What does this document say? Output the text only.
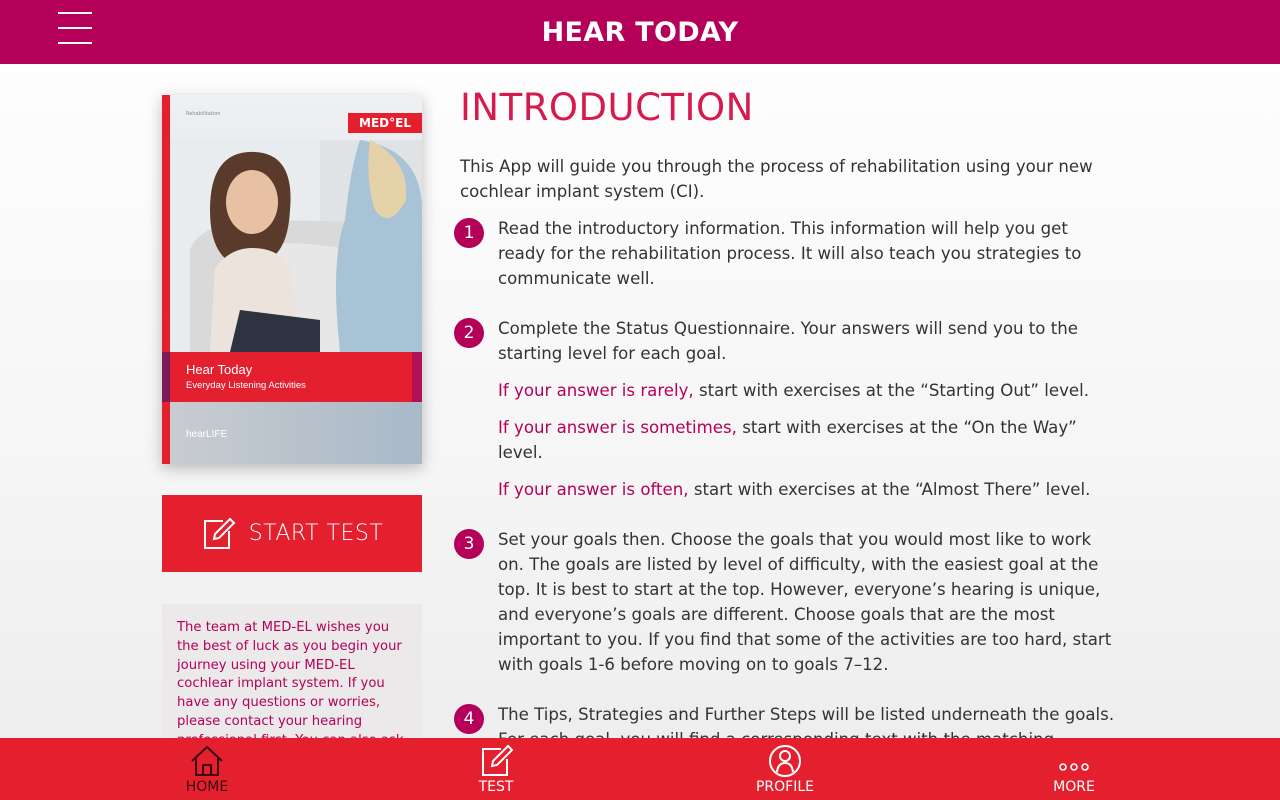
HEAR TODAY
Rehabilitation
MED°EL
Hear Today
Everyday Listening Activities
hearLIFE
START TEST

The team at MED-EL wishes you the best of luck as you begin your journey using your MED-EL cochlear implant system. If you have any questions or worries, please contact your hearing

INTRODUCTION

This App will guide you through the process of rehabilitation using your new cochlear implant system (CI).

1	Read the introductory information. This information will help you get ready for the rehabilitation process. It will also teach you strategies to communicate well.

2	Complete the Status Questionnaire. Your answers will send you to the starting level for each goal.

If your answer is rarely, start with exercises at the “Starting Out” level.

If your answer is sometimes, start with exercises at the “On the Way” level.

If your answer is often, start with exercises at the “Almost There” level.

3	Set your goals then. Choose the goals that you would most like to work on. The goals are listed by level of difficulty, with the easiest goal at the top. It is best to start at the top. However, everyone’s hearing is unique, and everyone’s goals are different. Choose goals that are the most important to you. If you find that some of the activities are too hard, start with goals 1-6 before moving on to goals 7–12.

4	The Tips, Strategies and Further Steps will be listed underneath the goals.

HOME	TEST	PROFILE	MORE
